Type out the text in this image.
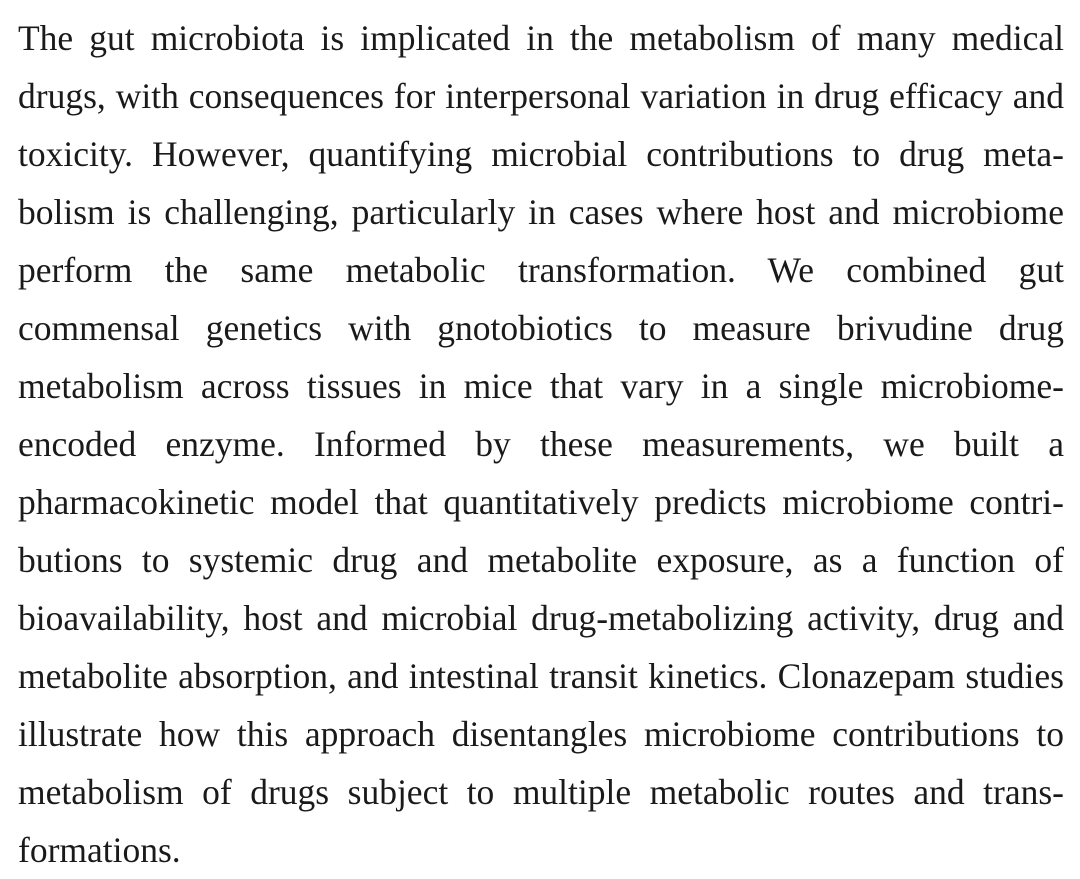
The gut microbiota is implicated in the metabolism of many medical
drugs, with consequences for interpersonal variation in drug efficacy and
toxicity. However, quantifying microbial contributions to drug meta-
bolism is challenging, particularly in cases where host and microbiome
perform the same metabolic transformation. We combined gut
commensal genetics with gnotobiotics to measure brivudine drug
metabolism across tissues in mice that vary in a single microbiome-
encoded enzyme. Informed by these measurements, we built a
pharmacokinetic model that quantitatively predicts microbiome contri-
butions to systemic drug and metabolite exposure, as a function of
bioavailability, host and microbial drug-metabolizing activity, drug and
metabolite absorption, and intestinal transit kinetics. Clonazepam studies
illustrate how this approach disentangles microbiome contributions to
metabolism of drugs subject to multiple metabolic routes and trans-
formations.
